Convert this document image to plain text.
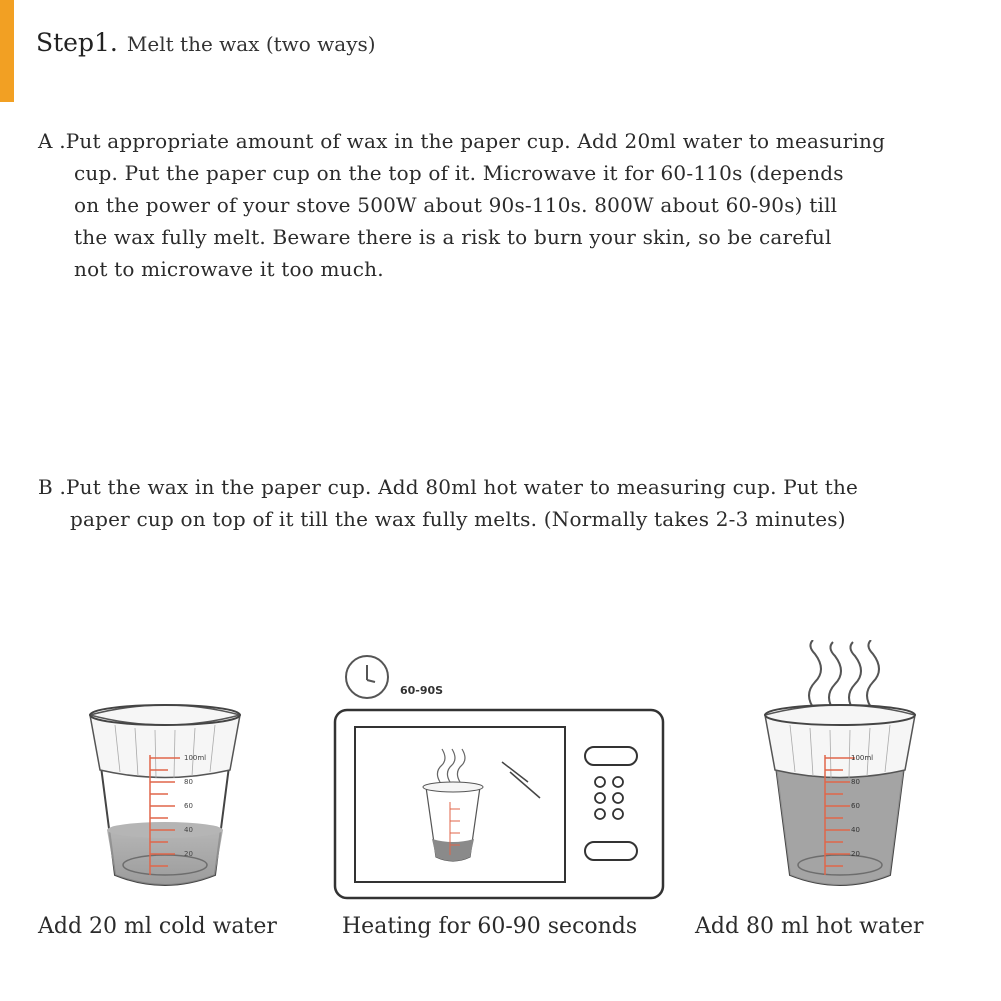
Step1. Melt the wax (two ways)
A .Put appropriate amount of wax in the paper cup. Add 20ml water to measuring
cup. Put the paper cup on the top of it. Microwave it for 60-110s (depends
on the power of your stove 500W about 90s-110s. 800W about 60-90s) till
the wax fully melt. Beware there is a risk to burn your skin, so be careful
not to microwave it too much.
B .Put the wax in the paper cup. Add 80ml hot water to measuring cup. Put the
paper cup on top of it till the wax fully melts. (Normally takes 2-3 minutes)
100ml
80
60
40
20
60-90S
100ml
80
60
40
20
Add 20 ml cold water	Heating for 60-90 seconds	Add 80 ml hot water
